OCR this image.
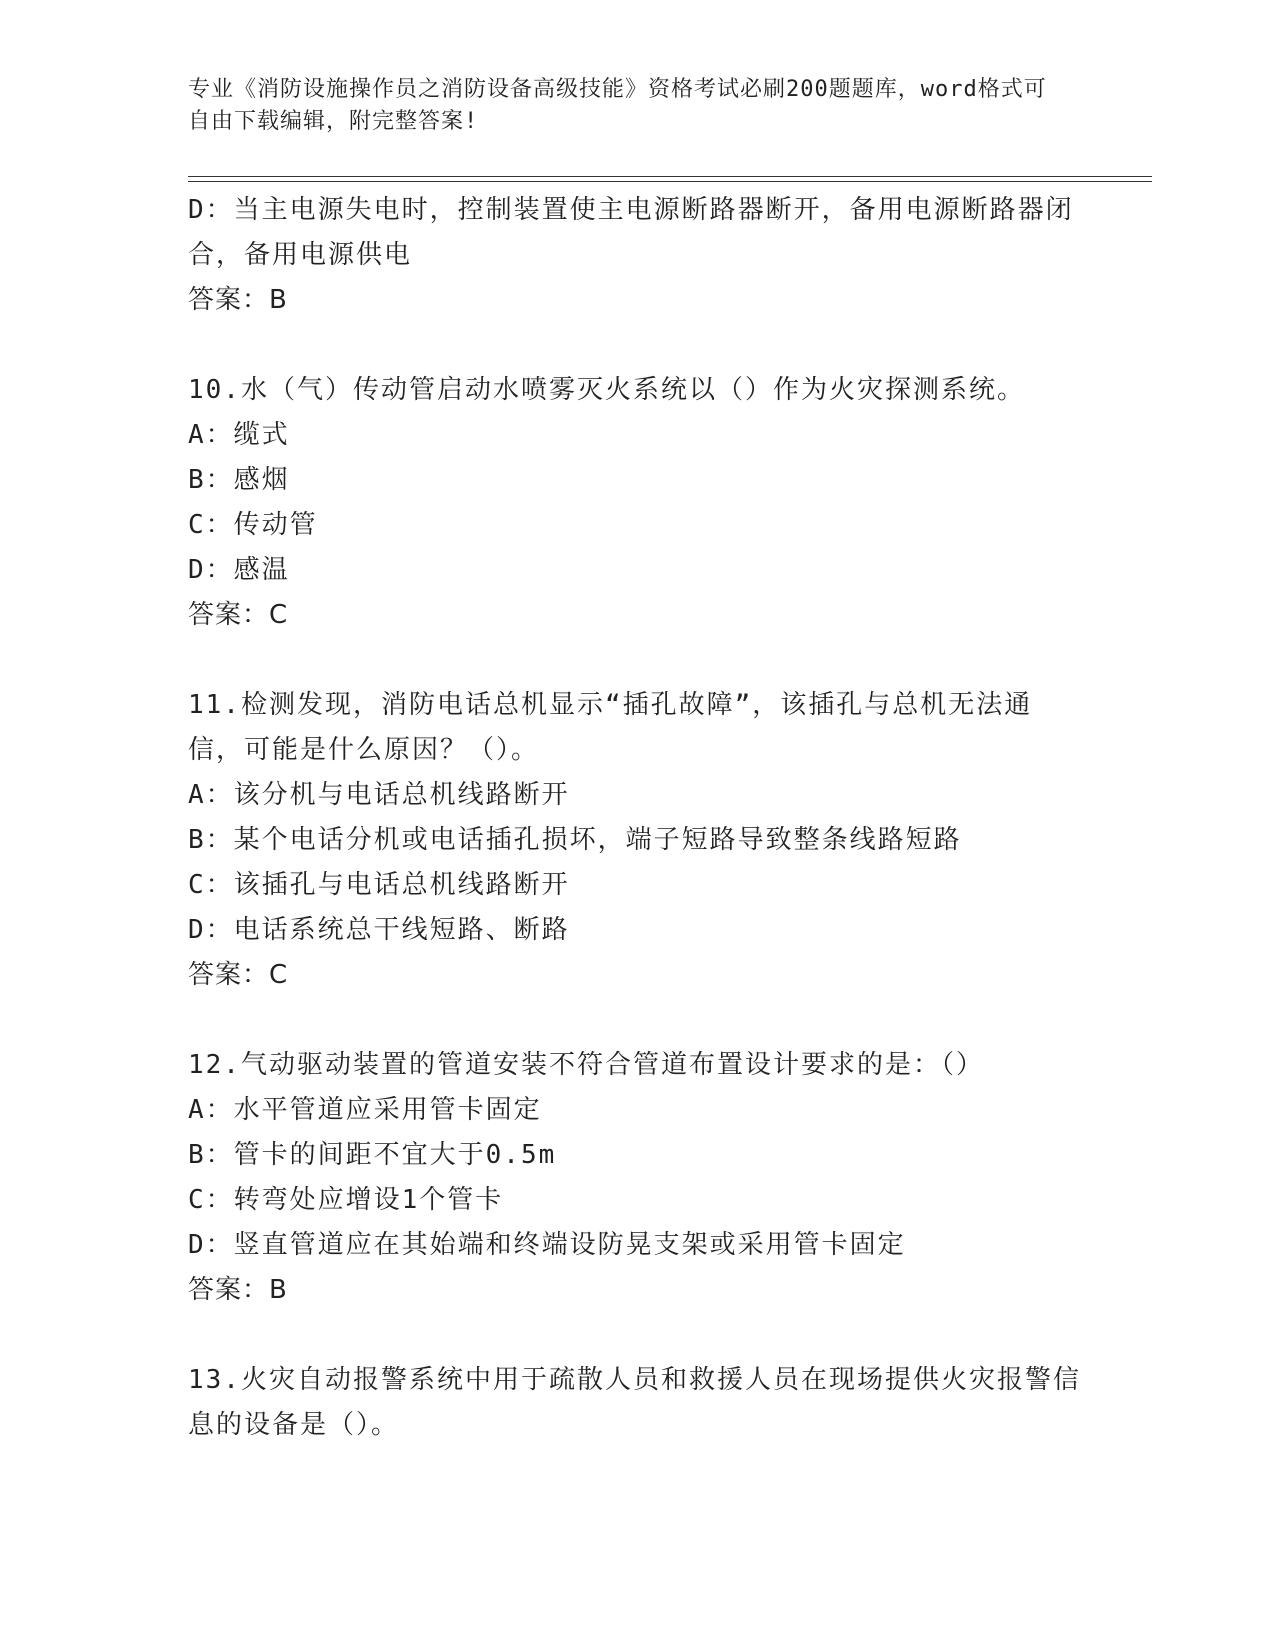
专业《消防设施操作员之消防设备高级技能》资格考试必刷200题题库，word格式可自由下载编辑，附完整答案!
D：当主电源失电时，控制装置使主电源断路器断开，备用电源断路器闭合，备用电源供电
答案：B
10.水（气）传动管启动水喷雾灭火系统以（）作为火灾探测系统。
A：缆式
B：感烟
C：传动管
D：感温
答案：C
11.检测发现，消防电话总机显示“插孔故障”，该插孔与总机无法通信，可能是什么原因？（）。
A：该分机与电话总机线路断开
B：某个电话分机或电话插孔损坏，端子短路导致整条线路短路
C：该插孔与电话总机线路断开
D：电话系统总干线短路、断路
答案：C
12.气动驱动装置的管道安装不符合管道布置设计要求的是：（）
A：水平管道应采用管卡固定
B：管卡的间距不宜大于0.5m
C：转弯处应增设1个管卡
D：竖直管道应在其始端和终端设防晃支架或采用管卡固定
答案：B
13.火灾自动报警系统中用于疏散人员和救援人员在现场提供火灾报警信息的设备是（）。
